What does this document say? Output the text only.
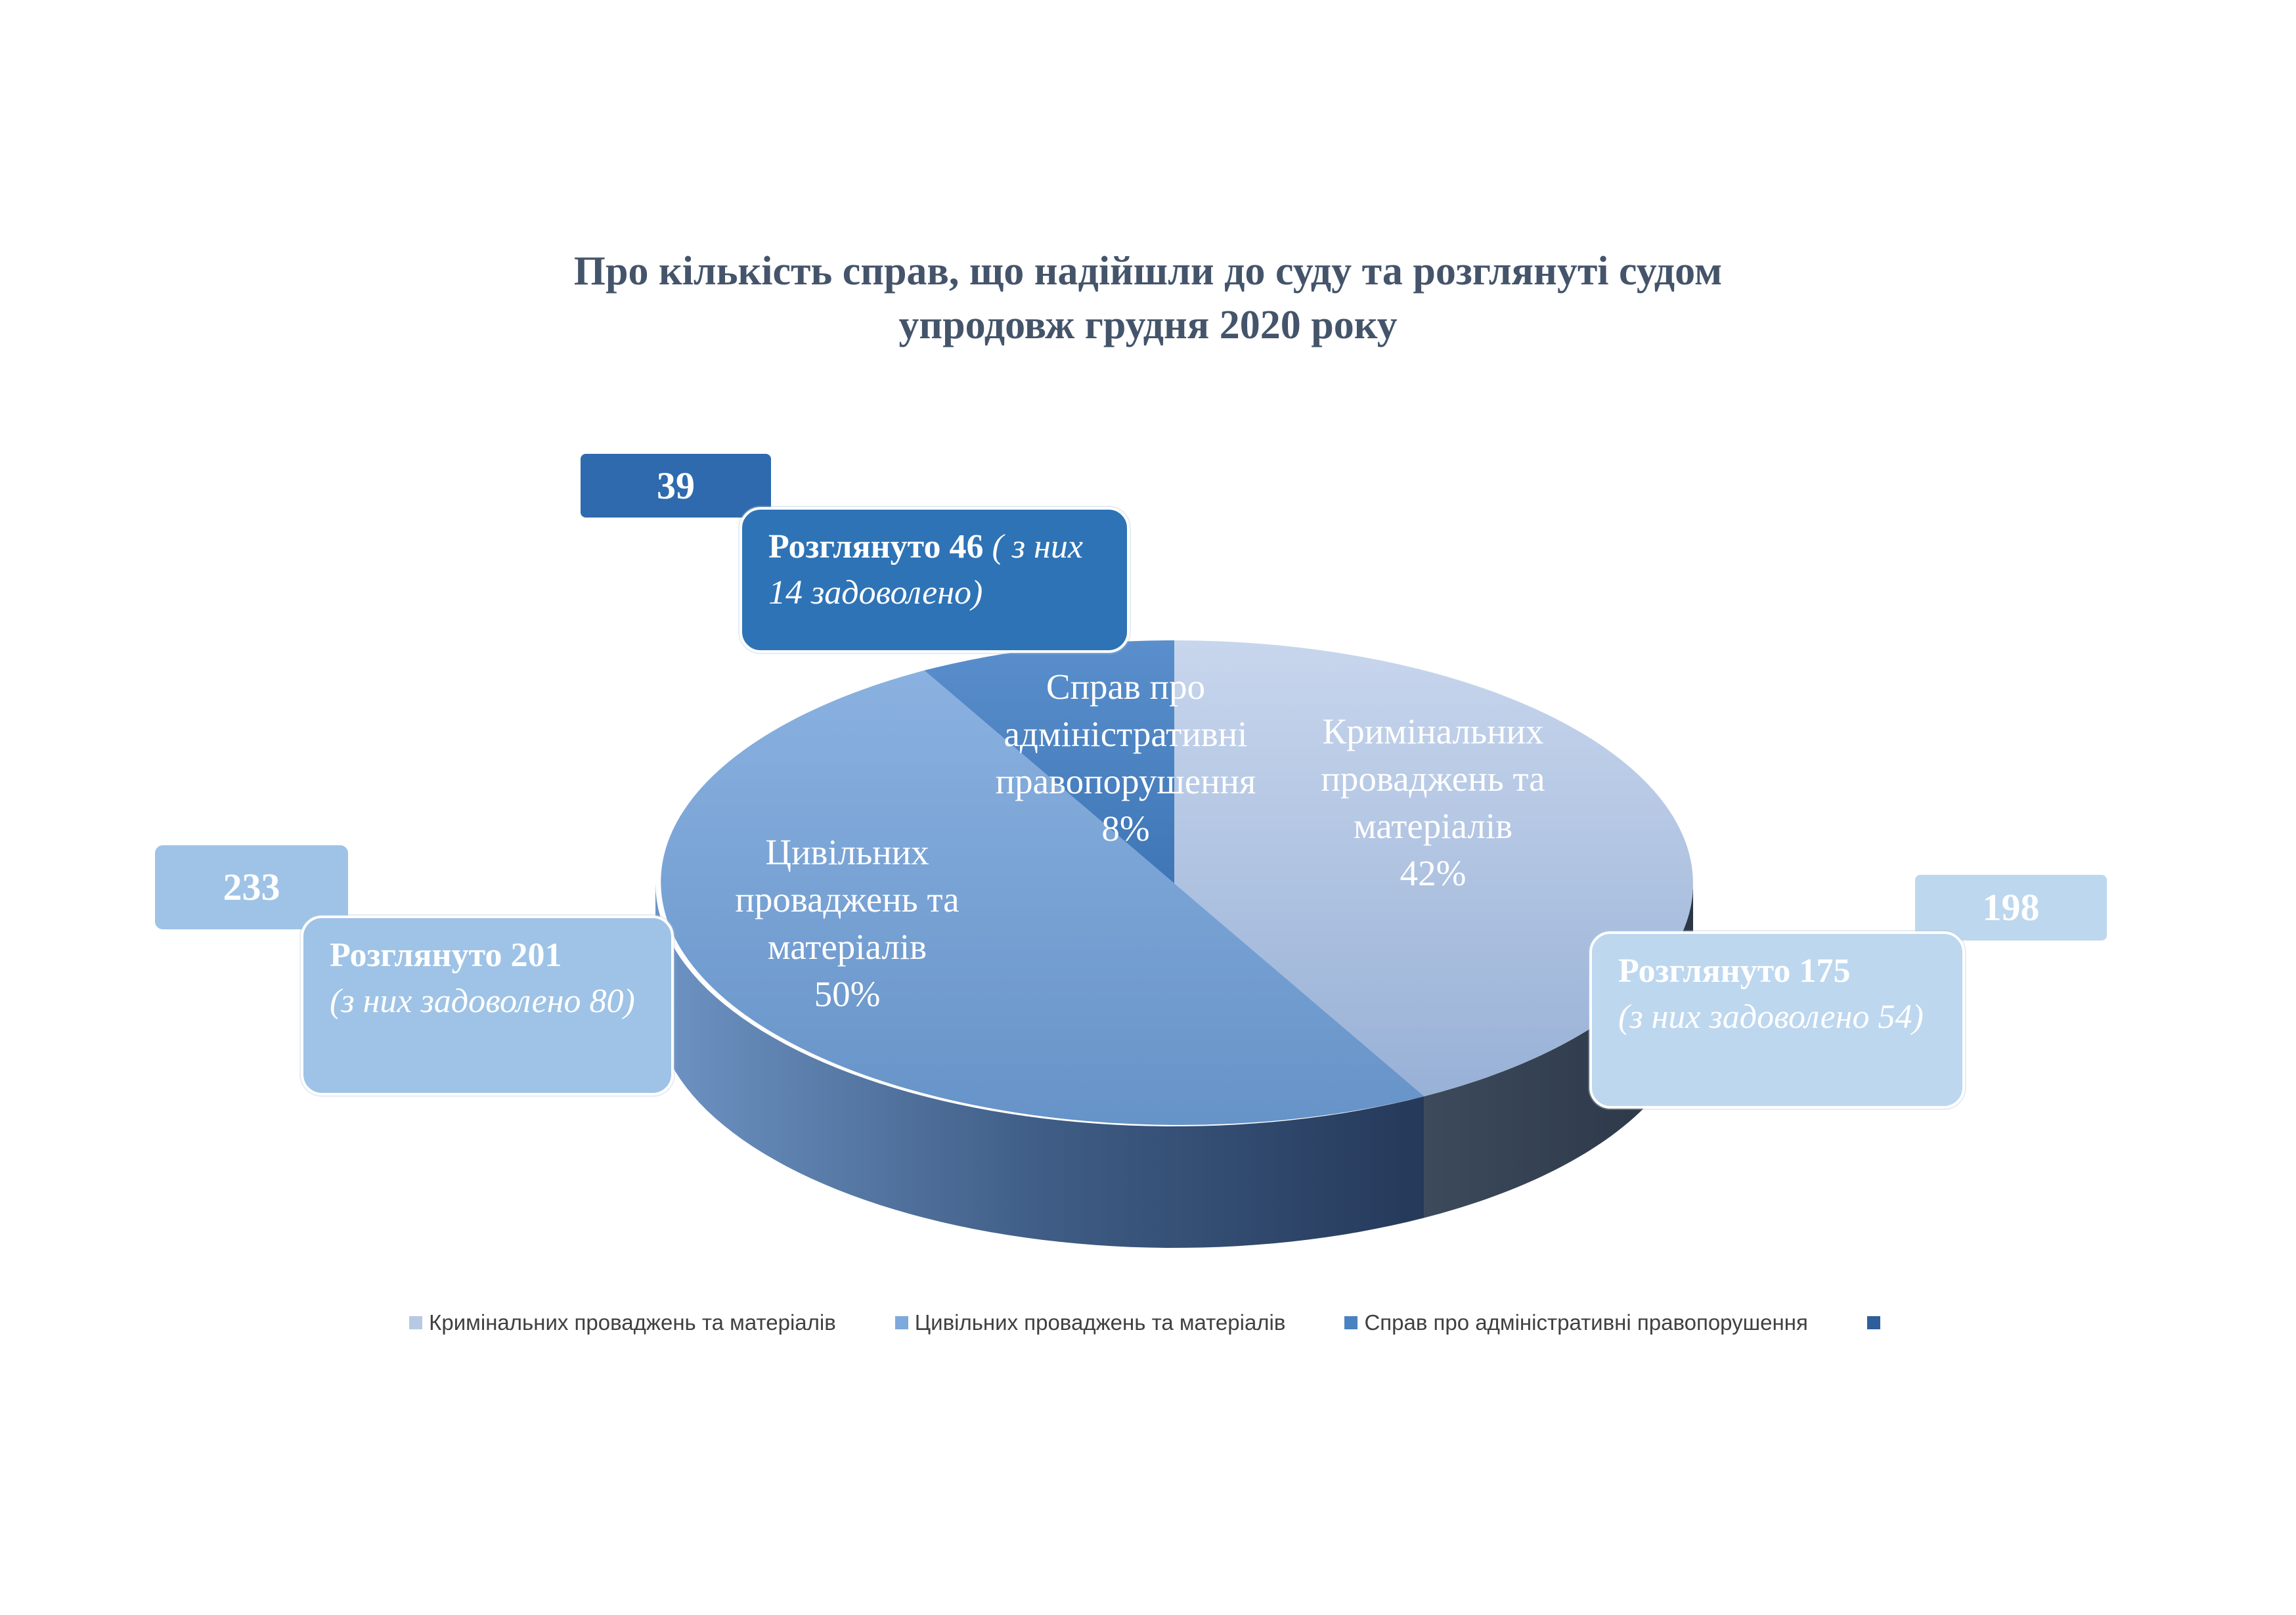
Про кількість справ, що надійшли до суду та розглянуті судом
упродовж грудня 2020 року
Кримінальних
проваджень та
матеріалів
42%
Цивільних
проваджень та
матеріалів
50%
Справ про
адміністративні
правопорушення
8%
39
Розглянуто 46 ( з них 14 задоволено)
233
Розглянуто 201
(з них задоволено 80)
198
Розглянуто 175
(з них задоволено 54)
Кримінальних проваджень та матеріалів	Цивільних проваджень та матеріалів	Справ про адміністративні правопорушення
